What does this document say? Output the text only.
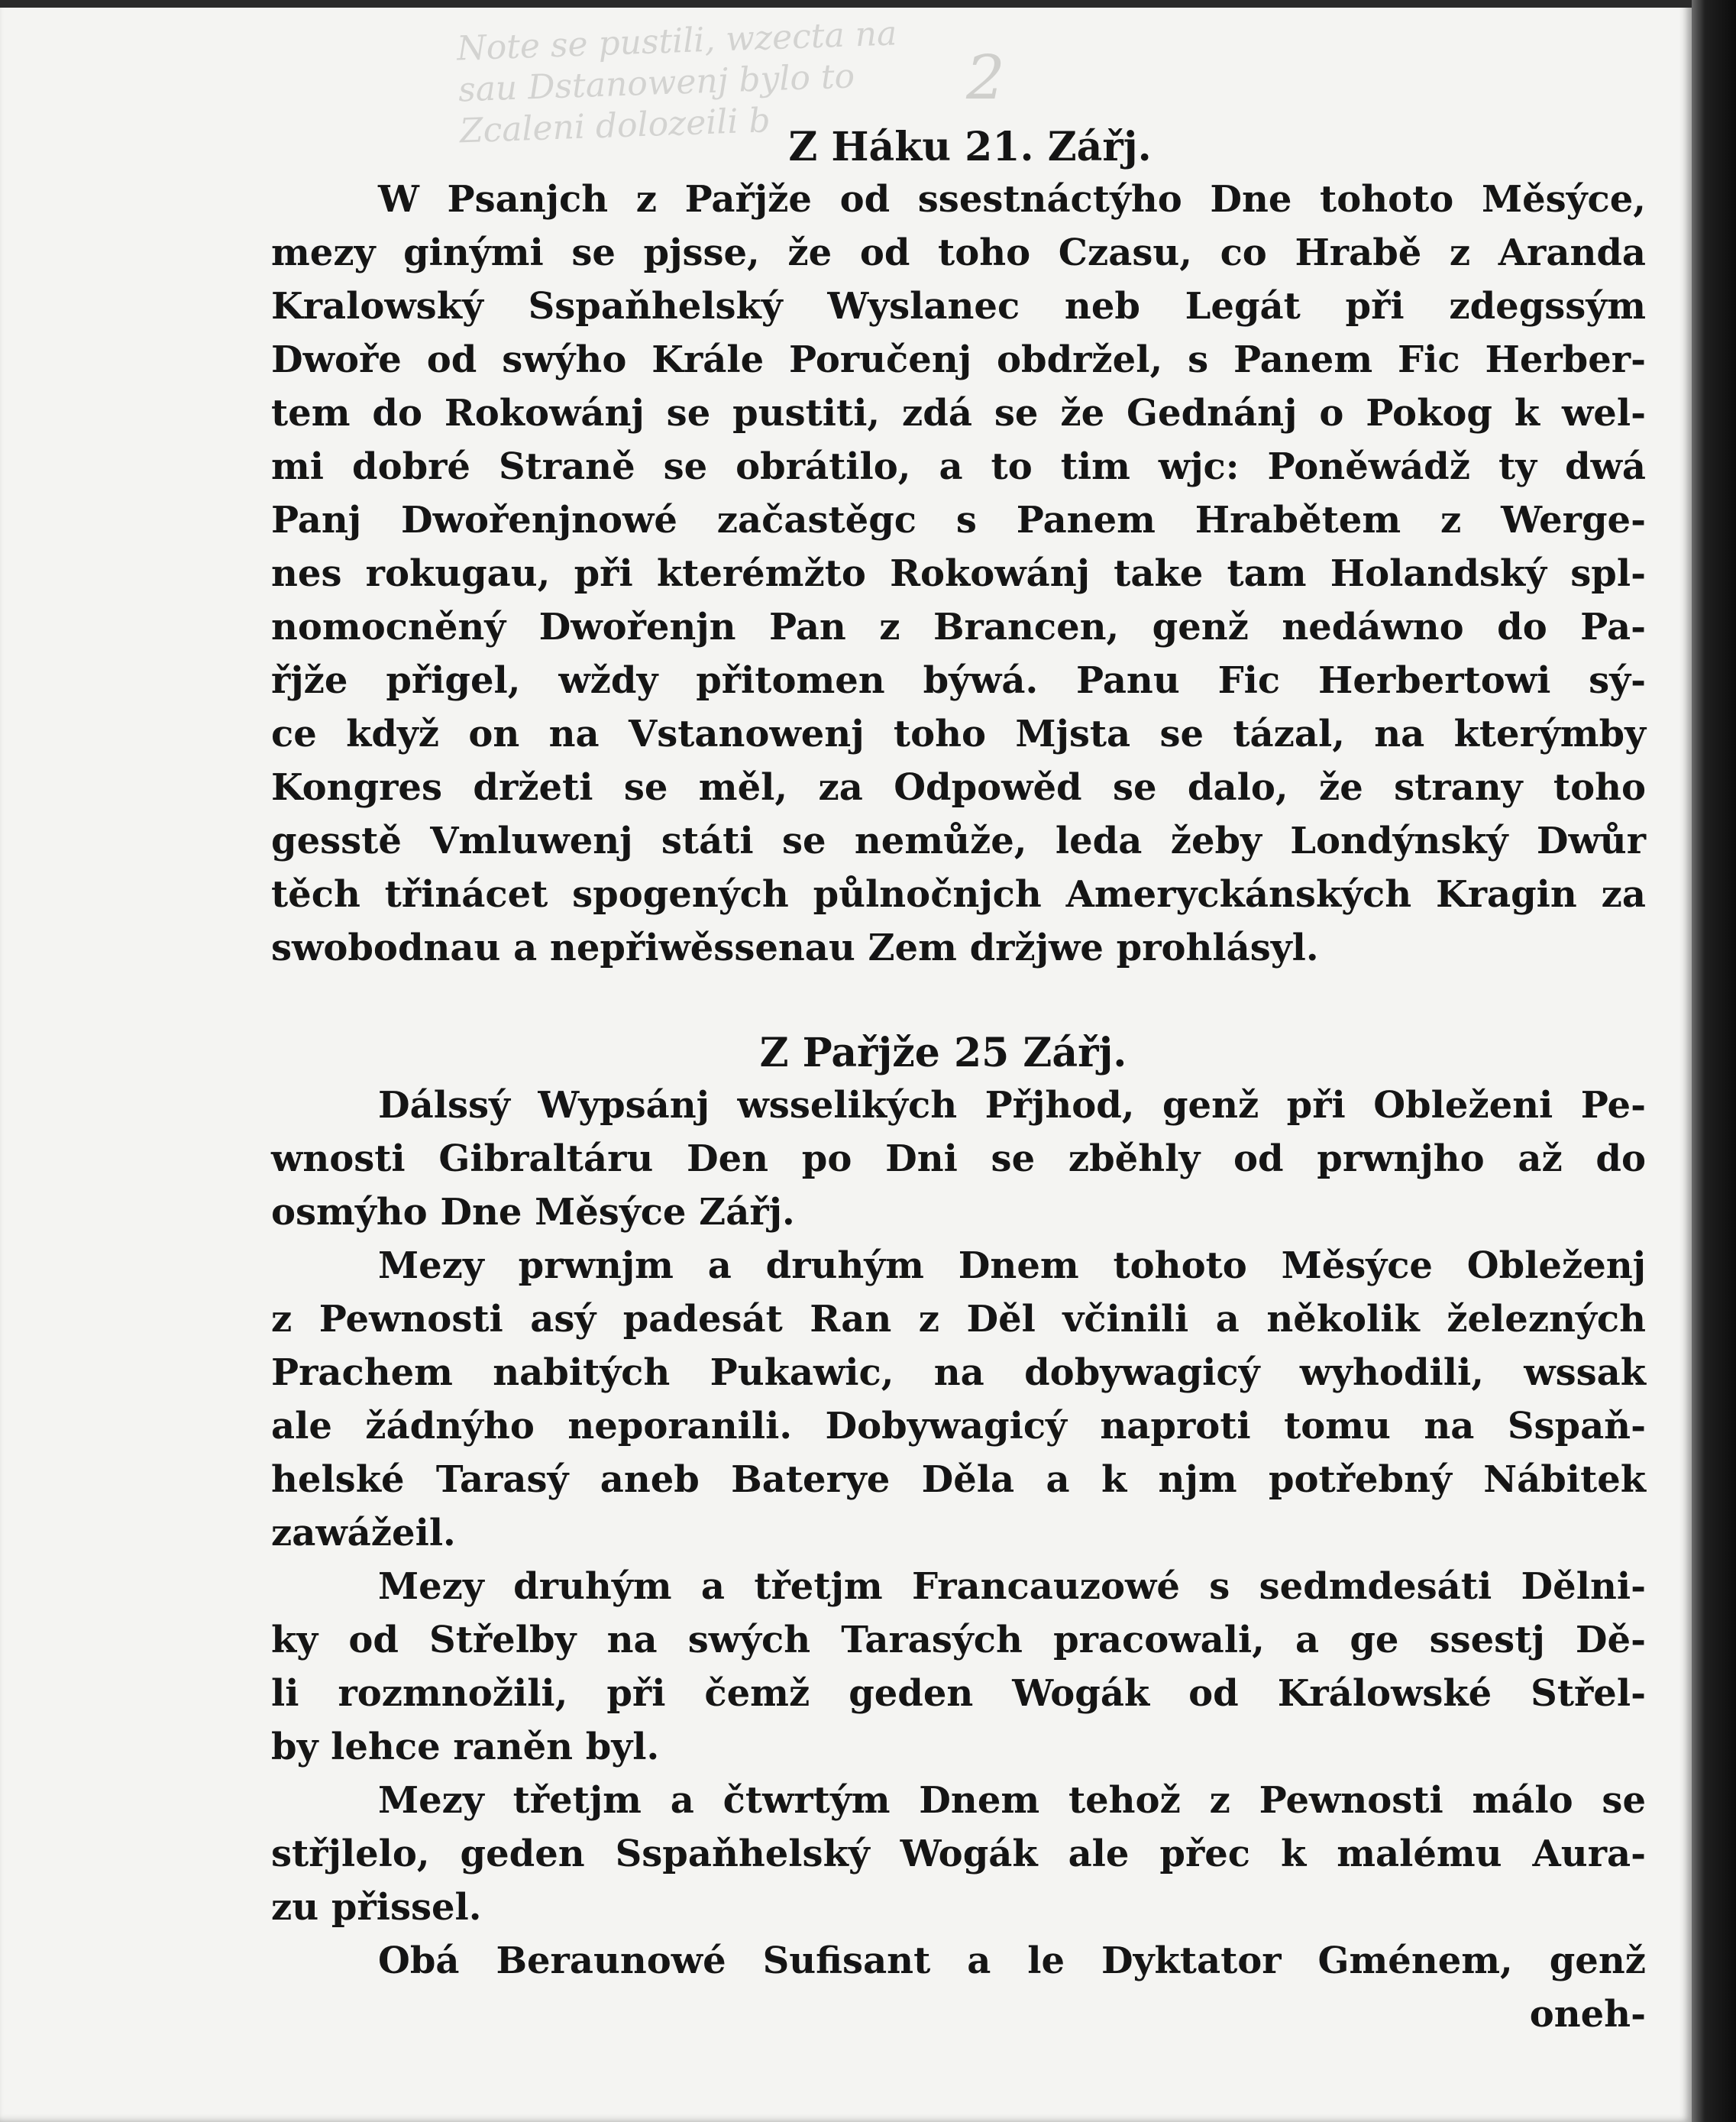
Note se pustili, wzecta na
sau Dstanowenj bylo to
Zcaleni dolozeili b
2
Z Háku 21. Zářj.
W Psanjch z Pařjže od ssestnáctýho Dne tohoto Měsýce,
mezy ginými se pjsse, že od toho Czasu, co Hrabě z Aranda
Kralowský Sspaňhelský Wyslanec neb Legát při zdegssým
Dwoře od swýho Krále Poručenj obdržel, s Panem Fic Herber-
tem do Rokowánj se pustiti, zdá se že Gednánj o Pokog k wel-
mi dobré Straně se obrátilo, a to tim wjc: Poněwádž ty dwá
Panj Dwořenjnowé začastěgc s Panem Hrabětem z Werge-
nes rokugau, při kterémžto Rokowánj take tam Holandský spl-
nomocněný Dwořenjn Pan z Brancen, genž nedáwno do Pa-
řjže přigel, wždy přitomen býwá. Panu Fic Herbertowi sý-
ce když on na Vstanowenj toho Mjsta se tázal, na kterýmby
Kongres držeti se měl, za Odpowěd se dalo, že strany toho
gesstě Vmluwenj státi se nemůže, leda žeby Londýnský Dwůr
těch třinácet spogených půlnočnjch Ameryckánských Kragin za
swobodnau a nepřiwěssenau Zem držjwe prohlásyl.
Z Pařjže 25 Zářj.
Dálssý Wypsánj wsselikých Přjhod, genž při Obleženi Pe-
wnosti Gibraltáru Den po Dni se zběhly od prwnjho až do
osmýho Dne Měsýce Zářj.
Mezy prwnjm a druhým Dnem tohoto Měsýce Obleženj
z Pewnosti asý padesát Ran z Děl včinili a několik železných
Prachem nabitých Pukawic, na dobywagicý wyhodili, wssak
ale žádnýho neporanili. Dobywagicý naproti tomu na Sspaň-
helské Tarasý aneb Baterye Děla a k njm potřebný Nábitek
zawážeil.
Mezy druhým a třetjm Francauzowé s sedmdesáti Dělni-
ky od Střelby na swých Tarasých pracowali, a ge ssestj Dě-
li rozmnožili, při čemž geden Wogák od Králowské Střel-
by lehce raněn byl.
Mezy třetjm a čtwrtým Dnem tehož z Pewnosti málo se
střjlelo, geden Sspaňhelský Wogák ale přec k malému Aura-
zu přissel.
Obá Beraunowé Sufisant a le Dyktator Gménem, genž
oneh-
